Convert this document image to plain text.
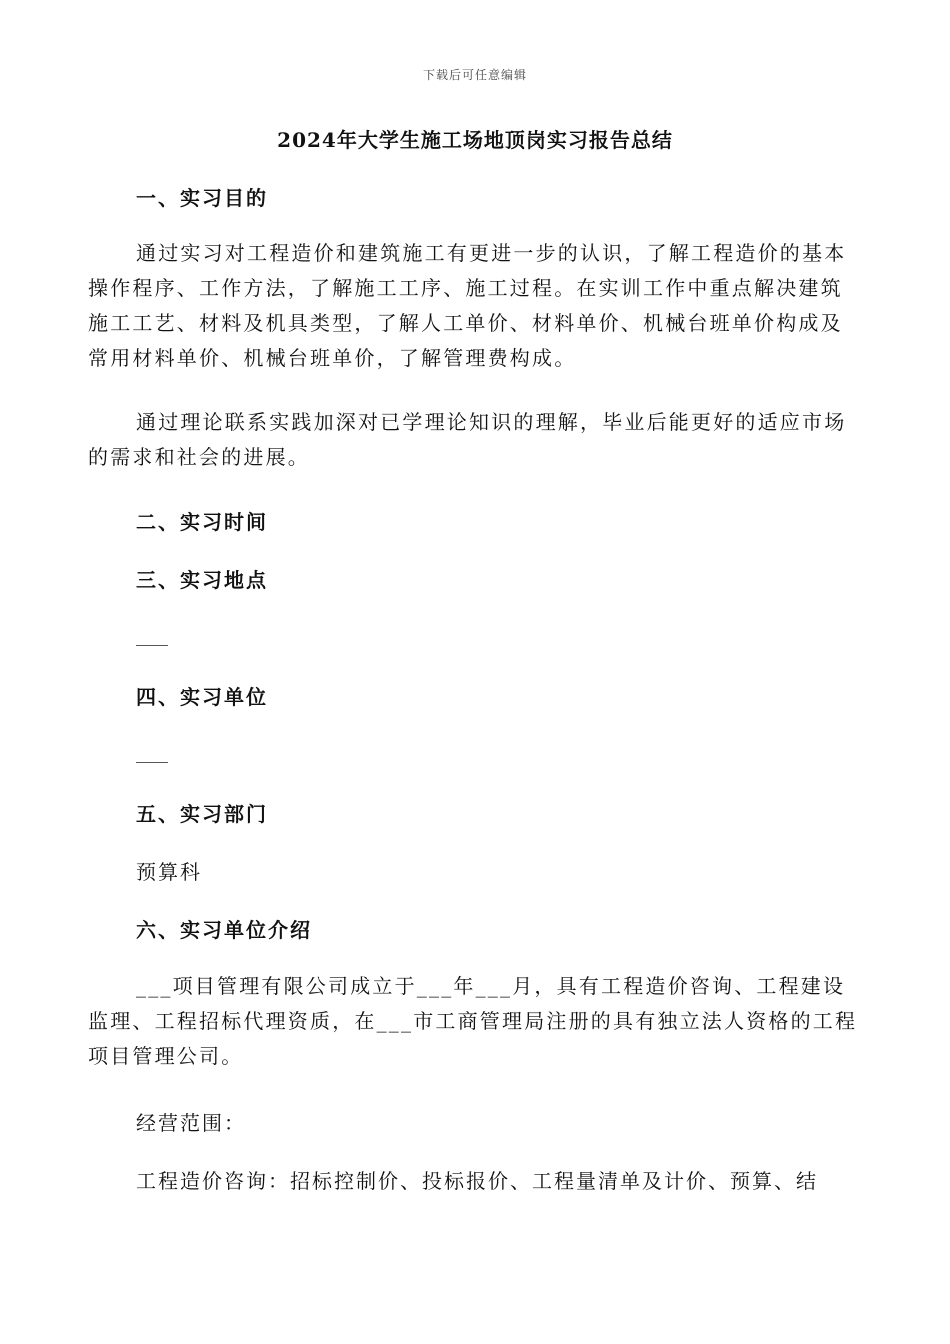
下载后可任意编辑
2024年大学生施工场地顶岗实习报告总结
一、实习目的
通过实习对工程造价和建筑施工有更进一步的认识，了解工程造价的基本操作程序、工作方法，了解施工工序、施工过程。在实训工作中重点解决建筑施工工艺、材料及机具类型，了解人工单价、材料单价、机械台班单价构成及常用材料单价、机械台班单价，了解管理费构成。
通过理论联系实践加深对已学理论知识的理解，毕业后能更好的适应市场的需求和社会的进展。
二、实习时间
三、实习地点
四、实习单位
五、实习部门
预算科
六、实习单位介绍
___项目管理有限公司成立于___年___月，具有工程造价咨询、工程建设监理、工程招标代理资质，在___市工商管理局注册的具有独立法人资格的工程项目管理公司。
经营范围：
工程造价咨询：招标控制价、投标报价、工程量清单及计价、预算、结
